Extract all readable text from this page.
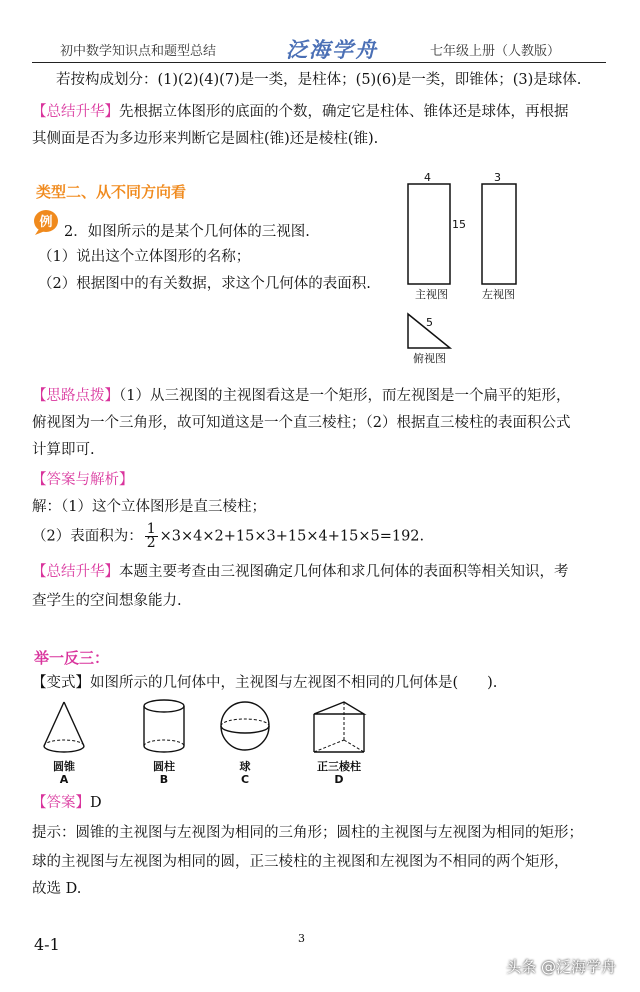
初中数学知识点和题型总结	泛海学舟	七年级上册（人教版）
若按构成划分：(1)(2)(4)(7)是一类，是柱体；(5)(6)是一类，即锥体；(3)是球体.
【总结升华】先根据立体图形的底面的个数，确定它是柱体、锥体还是球体，再根据
其侧面是否为多边形来判断它是圆柱(锥)还是棱柱(锥).
类型二、从不同方向看
例
2．如图所示的是某个几何体的三视图.
（1）说出这个立体图形的名称；
（2）根据图中的有关数据，求这个几何体的表面积.
4
15
主视图
3
左视图
5
俯视图
【思路点拨】（1）从三视图的主视图看这是一个矩形，而左视图是一个扁平的矩形，
俯视图为一个三角形，故可知道这是一个直三棱柱；（2）根据直三棱柱的表面积公式
计算即可.
【答案与解析】
解：（1）这个立体图形是直三棱柱；
（2）表面积为： $\frac{1}{2} \times 3\times 4\times 2+15\times 3+15\times 4+15\times 5=192$.
【总结升华】本题主要考查由三视图确定几何体和求几何体的表面积等相关知识，考
查学生的空间想象能力.
举一反三：
【变式】如图所示的几何体中，主视图与左视图不相同的几何体是(　　).
圆锥
A
圆柱
B
球
C
正三棱柱
D
【答案】D
提示：圆锥的主视图与左视图为相同的三角形；圆柱的主视图与左视图为相同的矩形；
球的主视图与左视图为相同的圆，正三棱柱的主视图和左视图为不相同的两个矩形，
故选 D.
4-1	3
头条 @泛海学舟
